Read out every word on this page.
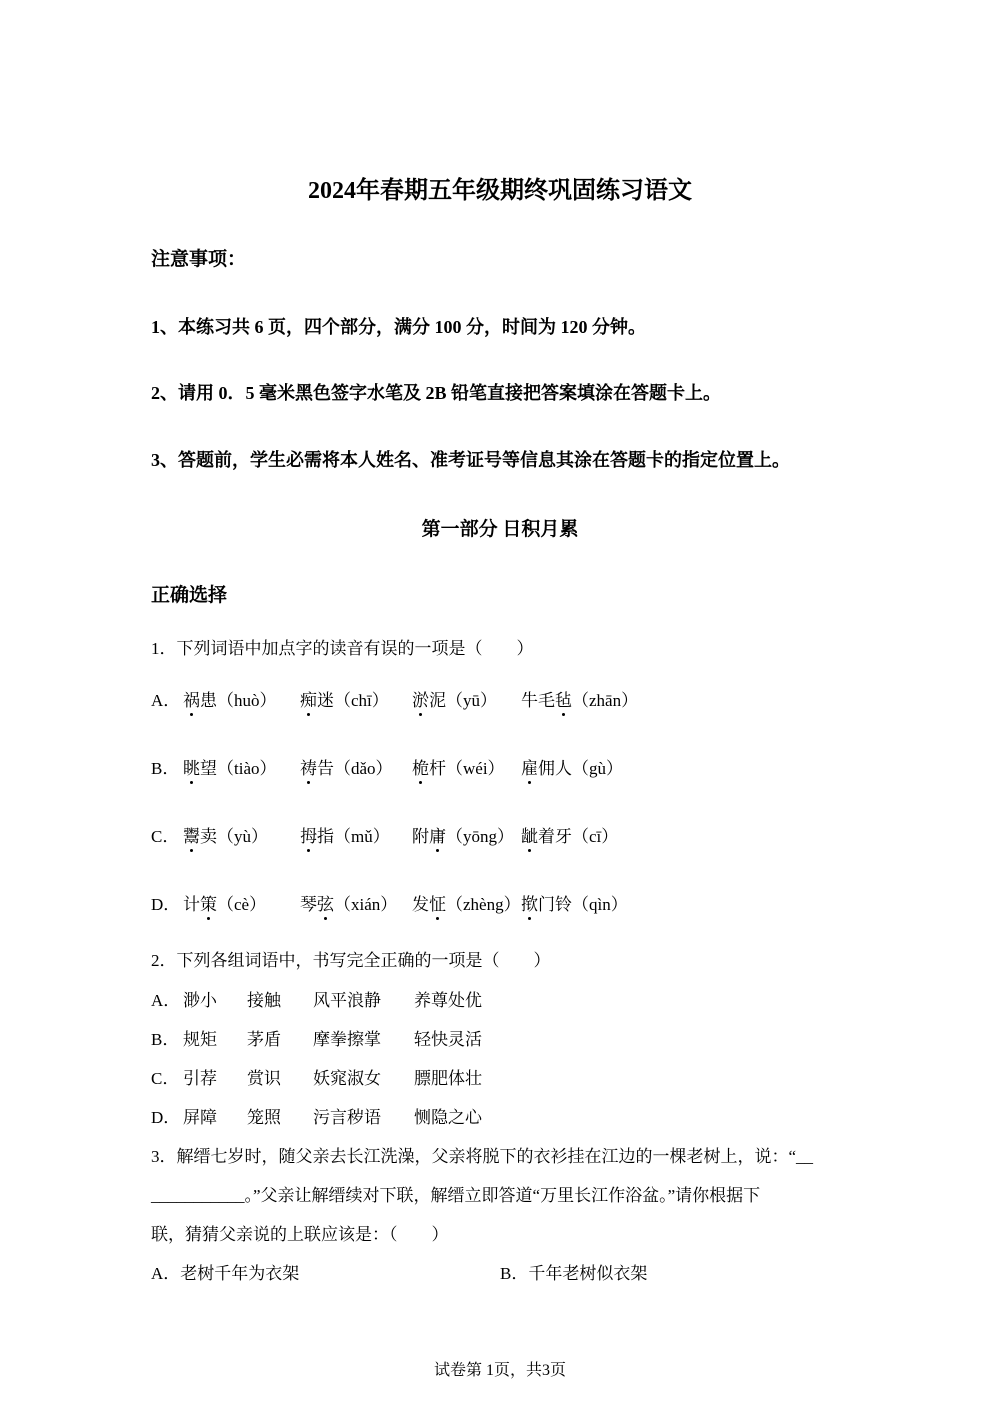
2024年春期五年级期终巩固练习语文
注意事项：
1、本练习共 6 页，四个部分，满分 100 分，时间为 120 分钟。
2、请用 0．5 毫米黑色签字水笔及 2B 铅笔直接把答案填涂在答题卡上。
3、答题前，学生必需将本人姓名、准考证号等信息其涂在答题卡的指定位置上。
第一部分 日积月累
正确选择
1．下列词语中加点字的读音有误的一项是（　　）
A． 祸患（huò） 痴迷（chī） 淤泥（yū） 牛毛毡（zhān）
B． 眺望（tiào） 祷告（dǎo） 桅杆（wéi） 雇佣人（gù）
C． 鬻卖（yù） 拇指（mǔ） 附庸（yōng） 龇着牙（cī）
D． 计策（cè） 琴弦（xián） 发怔（zhèng） 揿门铃（qìn）
2．下列各组词语中，书写完全正确的一项是（　　）
A． 渺小 接触 风平浪静 养尊处优
B． 规矩 茅盾 摩拳擦掌 轻快灵活
C． 引荐 赏识 妖窕淑女 膘肥体壮
D． 屏障 笼照 污言秽语 恻隐之心
3．解缙七岁时，随父亲去长江洗澡，父亲将脱下的衣衫挂在江边的一棵老树上，说：“__
___________。”父亲让解缙续对下联，解缙立即答道“万里长江作浴盆。”请你根据下
联，猜猜父亲说的上联应该是：（　　）
A．老树千年为衣架	B．千年老树似衣架
试卷第 1页，共3页
